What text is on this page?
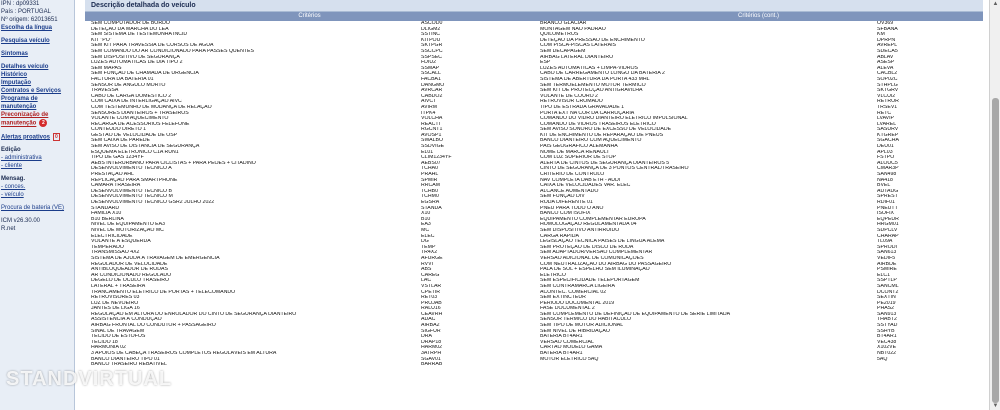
IPN : dp09331
País : PORTUGAL
Nº origem: 62013651
Escolha da língua
Pesquisa veículo
Sintomas
Detalhes veículo
Histórico
Imputação
Contratos e Serviços
Programa de manutenção
Preconização de manutenção 2
Alertas proativos 0
Edição
- administrativa
- cliente
Mensag.
- conces.
- veículo
Procura de bateria (VE)
ICM v26.30.00
R.net
Descrição detalhada do veículo
Critérios	Critérios (cont.)
SEM COMPUTADOR DE BORDO	ASCOD0	BRANCO GLACIAR	OV369
DETEÇÃO DA MARCHA DO LEA	DLIGM2	MONTAGEM NÃO PADRÃO	SFBANA
SEM SISTEMA DE TESTEMUNHA INCID	SSTINC	QUILÓMETROS	KM
KIT "PO"	KITPOU	DETEÇÃO DA PRESSÃO DE ENCHIMENTO	DPRPN
SEM KIT PARA TRAVESSIA DE CURSOS DE ÁGUA	SKTPGR	COM PISCA-PISCAS LATERAIS	AVREPL
SEM COMANDO DO AR CONDICIONADO PARA PASSES QUENTES	SSCCPC	SEM DECAPAGEM	SDECA5
SEM DISPOSITIVO DE SEGURANÇA	SSPSEC	AIRBAG LATERAL DIANTEIRO	ABLAV
LUZES AUTOMÁTICAS DE DIA TIPO 2	FDIU2	ESP	ASESP
SEM MAPAS	SSMAP	LUZES AUTOMÁTICAS + LIMPA-VIDROS	ALEVA
SEM FUNÇÃO DE CHAMADA DE URGÊNCIA	SSCALL	CABO DE CARREGAMENTO LONGO DA BATERIA 2	CACBL2
FACTURA DA BATERIA 01	FACBA1	SISTEMA DE ABERTURA DA PORTA 433 MHL	SOP02C
SENSOR DE ÂNGULO MORTO	DANGMO	SEM TERMOELEMENTO MOTOR TÉRMICO	STHPLG
TRAVESSA	AVRCAR	SEM KIT DE PROTECÇÃO ANTIGRAVILHA	SKTGRV
CABO DE CARGA DOMÉSTICO 2	CABDO2	VOLANTE DE COURO 2	VLCUI2
COM CAIXA DE INTERLIGAÇÃO AIVC	AIVCT	RETROVISOR CROMADO	RETROR
COM TESTEMUNHO DE MUDANÇA DE RELAÇÃO	AVIRM	TIPO DE ESTRADA GRAVADADE 1	TRSEV1
SENSORES DIANTEIROS + TRASEIROS	ITPK4	PORTA EXT NA COR DA CARROÇARIA	RETC
VOLANTE COM AQUECIMENTO	VOLCHA	COMANDO DO VIDRO DIANTEIRO ELÉTRICO IMPULSIONAL	LVAVIP
RECARGA DE ACESSÓRIOS FELEFONE	REACTI	COMANDO DE VIDROS TRASEIROS ELÉTRICO	LVAREL
CONTEÚDO DIRETO 1	RGCNT1	SEM AVISO SONORO DE EXCESSO DE VELOCIDADE	SASURV
GESTÃO DE VELOCIDADE DE OSP	AVOSP1	KIT DE ENCHIMENTO DE REPARAÇÃO DE PNEUS	KTGREP
SEM CAIXA DE PAREDE	SWALBO	BANCO DIANTEIRO COM AQUECIMENTO	SGACHA
SEM AVISO DE DISTÂNCIA DE SEGURANÇA	SSDVIGE	PAÍS GEOGRÁFICO ALEMANHA	DEU01
ESQUEMA ELETRÓNICO C1A RUN1	EL01	NOME DE MARCA RENAULT	APL03
TIPO DE GAS 1234YF	CLIM1234YF	COM LUZ SUPERIOR DE STOP	FSTPO
AEBS INTERURBANO PARA CICLISTAS + PARA PEÕES + CITADINO	AEBS07	ALERTA DE CINTOS DE SEGURANÇA DIANTEIROS 5	ALOUC5
DESENVOLVIMENTO TÉCNICO A	TCHA0	CINTO DE SEGURANÇA DE 3 PONTOS CENTRAL/TRASEIRO	CMAR3P
PRESTAÇÃO AHL	PRAHL	CRITÉRIO DE CONTROLO	SAN498
REPLICAÇÃO PARA SMARTPHONE	SPMIR	NAV COMPLETA DAB ETH - AUDI	NA418
CÂMARA TRASEIRA	RRCAM	CAIXA DE VELOCIDADES VAR. ELEC	BVEL
DESENVOLVIMENTO TÉCNICO B	TCHB0	ALCANCE AUMENTADO	AUTAUG
DESENVOLVIMENTO TÉCNICO M	TCHM0	SEM FUNÇÃO DIV	SPREST
DESENVOLVIMENTO TÉCNICO GSR2 JULHO 2022	EGSRA	RODA DIFERENTE 01	RDIF01
STANDARD	STANDA	PNEU PARA TODO O ANO	PNEUTT
FAMÍLIA X10	X10	BANCO COM ISOFIX	ISOFIX
B10 BERLINA	B10	EQUIPAMENTO COMPLEMENTAR EUROPA	EQPEUR
NÍVEL DE EQUIPAMENTO EA3	EA3	HOMOLOGAÇÃO REGULAMENTADA 04	HRGM01
NÍVEL DE MOTORIZAÇÃO MC	MC	SEM DISPOSITIVO ANTIRRUÍDO	SDPCLV
ELECTRICIDADE	ELEC	CARGA RÁPIDA	CHARAP
VOLANTE À ESQUERDA	DG	LEGISLAÇÃO TÉCNICA PAÍSES DE LÍNGUA ALEMÃ	TL09A
TEMPERADO	TEMP	SEM PROTEÇÃO DE DISCO DE RODA	SPRODI
TRANSMISSÃO 4X2	TR4X2	SEM ADAPTADOR/VERSÃO COMPLEMENTAR	SAN613
SISTEMA DE AJUDA À TRAVAGEM DE EMERGÊNCIA	AFURGE	VERSÃO ADICIONAL DE COMUNICAÇÕES	VEDIF5
REGULADOR DE VELOCIDADE	RVVI	COM NEUTRALIZAÇÃO DO AIRBAG DO PASSAGEIRO	AIRBDE
ANTIBLOQUEADOR DE RODAS	ABS	PALA DE SOL + ESPELHO SEM ILUMINAÇÃO	PSMIRE
AR CONDICIONADO REGULADO	CAREG	ELÉTRICO	ELC1
DEGELO DE ÓCULO TRASEIRO	LAC	SEM ESPECIFICIDADE TELEPORTAGEM	SSPTLP
LATERAL + TRASEIRA	VSTLAR	SEM CONTRAMARCA LIGEIRA	SANCML
TRANCAMENTO ELÉTRICO DE PORTAS + TELECOMANDO	CPETIR	ACONTEC. COMERCIAL 02	DCONT2
RETROVISORES 03	RET03	SEM EXTINCTEUR	SEXTIN
LUZ DE NEVOEIRO	PROJAB	PERÍODO DOCUMENTAL 2019	PE2019
JANTES DE LIGA 16	RALU16	FASE DOCUMENTAL 2	PHAS2
REGULAÇÃO EM ALTURA DO ENROLADOR DO CINTO DE SEGURANÇA DIANTEIRO	CEAVRH	SEM COMPLEMENTO DE DEFINIÇÃO DE EQUIPAMENTO DE SÉRIE LIMITADA	SAN913
ASSISTÊNCIA À CONDUÇÃO	ADAC	SENSOR TÉRMICO DO HABITÁCULO	THABT2
AIRBAG FRONTAL DO CONDUTOR + PASSAGEIRO	AIRBA2	SEM TIPO DE MOTOR ADICIONAL	SSTYAD
SINAL DE TRAVAGEM	SIGFUR	SEM NÍVEL DE HIBRIDAÇÃO	SSHYB
TECIDO DE ESTOFOS	DRA	BATERIA BT4AR1	BT4AR1
TECIDO 18	DRAP18	VERSÃO COMERCIAL	VEC438
HARMONIA 02	HARM02	CARTÃO MODELO GAMA	X102VE
3 APOIOS DE CABEÇA TRASEIROS COMPLETOS REGULÁVEIS EM ALTURA	3ATRPH	BATERIA BT4AR1	NBT022
BANCO DIANTEIRO TIPO 01	SGAV01	MOTOR ELÉTRICO 5AQ	5AQ
BANCO TRASEIRO REBATÍVEL	BARRAB
▲
▼
STANDVIRTUAL
